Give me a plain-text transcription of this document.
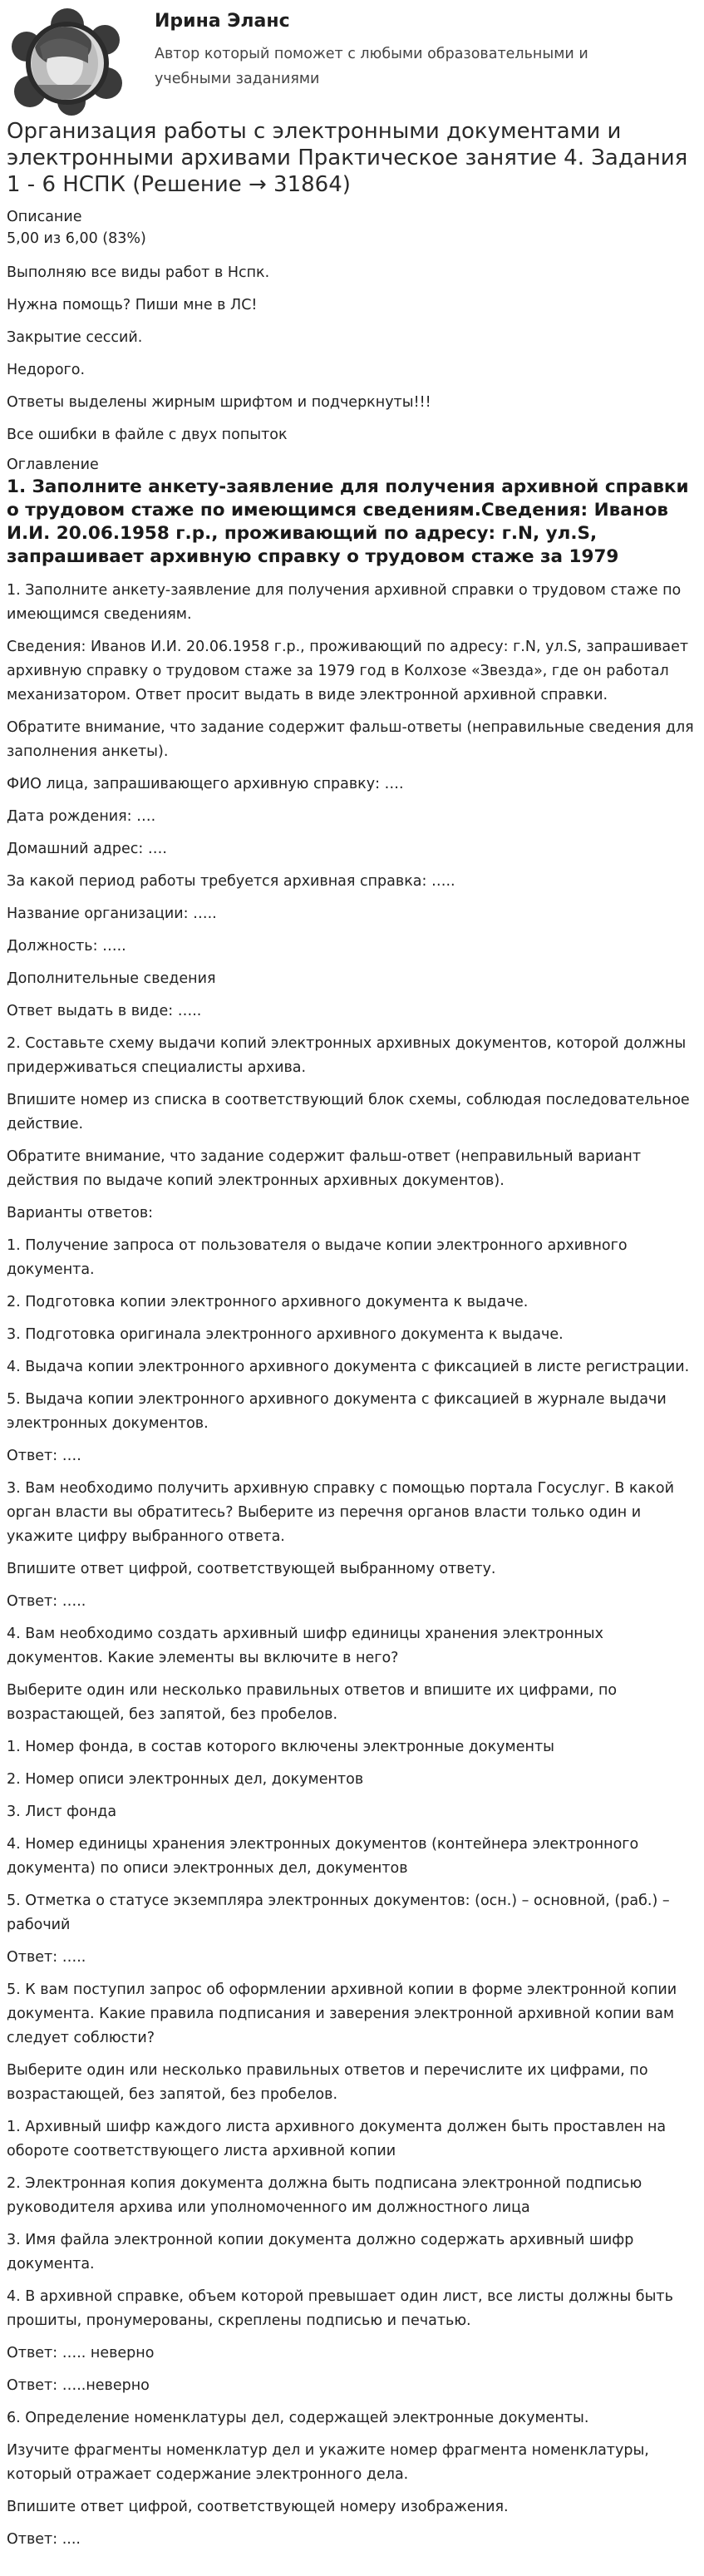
Ирина Эланс
Автор который поможет с любыми образовательными и учебными заданиями
Организация работы с электронными документами и электронными архивами Практическое занятие 4. Задания 1 - 6 НСПК (Решение → 31864)
Описание
5,00 из 6,00 (83%)

Выполняю все виды работ в Нспк.

Нужна помощь? Пиши мне в ЛС!

Закрытие сессий.

Недорого.

Ответы выделены жирным шрифтом и подчеркнуты!!!

Все ошибки в файле с двух попыток

Оглавление
1. Заполните анкету-заявление для получения архивной справки о трудовом стаже по имеющимся сведениям.Сведения: Иванов И.И. 20.06.1958 г.р., проживающий по адресу: г.N, ул.S, запрашивает архивную справку о трудовом стаже за 1979

1. Заполните анкету-заявление для получения архивной справки о трудовом стаже по имеющимся сведениям.

Сведения: Иванов И.И. 20.06.1958 г.р., проживающий по адресу: г.N, ул.S, запрашивает архивную справку о трудовом стаже за 1979 год в Колхозе «Звезда», где он работал механизатором. Ответ просит выдать в виде электронной архивной справки.

Обратите внимание, что задание содержит фальш-ответы (неправильные сведения для заполнения анкеты).

ФИО лица, запрашивающего архивную справку: ….

Дата рождения: ….

Домашний адрес: ….

За какой период работы требуется архивная справка: …..

Название организации: …..

Должность: …..

Дополнительные сведения

Ответ выдать в виде: …..

2. Составьте схему выдачи копий электронных архивных документов, которой должны придерживаться специалисты архива.

Впишите номер из списка в соответствующий блок схемы, соблюдая последовательное действие.

Обратите внимание, что задание содержит фальш-ответ (неправильный вариант действия по выдаче копий электронных архивных документов).

Варианты ответов:

1. Получение запроса от пользователя о выдаче копии электронного архивного документа.

2. Подготовка копии электронного архивного документа к выдаче.

3. Подготовка оригинала электронного архивного документа к выдаче.

4. Выдача копии электронного архивного документа с фиксацией в листе регистрации.

5. Выдача копии электронного архивного документа с фиксацией в журнале выдачи электронных документов.

Ответ: ….

3. Вам необходимо получить архивную справку с помощью портала Госуслуг. В какой орган власти вы обратитесь? Выберите из перечня органов власти только один и укажите цифру выбранного ответа.

Впишите ответ цифрой, соответствующей выбранному ответу.

Ответ: …..

4. Вам необходимо создать архивный шифр единицы хранения электронных документов. Какие элементы вы включите в него?

Выберите один или несколько правильных ответов и впишите их цифрами, по возрастающей, без запятой, без пробелов.

1. Номер фонда, в состав которого включены электронные документы

2. Номер описи электронных дел, документов

3. Лист фонда

4. Номер единицы хранения электронных документов (контейнера электронного документа) по описи электронных дел, документов

5. Отметка о статусе экземпляра электронных документов: (осн.) – основной, (раб.) – рабочий

Ответ: …..

5. К вам поступил запрос об оформлении архивной копии в форме электронной копии документа. Какие правила подписания и заверения электронной архивной копии вам следует соблюсти?

Выберите один или несколько правильных ответов и перечислите их цифрами, по возрастающей, без запятой, без пробелов.

1. Архивный шифр каждого листа архивного документа должен быть проставлен на обороте соответствующего листа архивной копии

2. Электронная копия документа должна быть подписана электронной подписью руководителя архива или уполномоченного им должностного лица

3. Имя файла электронной копии документа должно содержать архивный шифр документа.

4. В архивной справке, объем которой превышает один лист, все листы должны быть прошиты, пронумерованы, скреплены подписью и печатью.

Ответ: ….. неверно

Ответ: …..неверно

6. Определение номенклатуры дел, содержащей электронные документы.

Изучите фрагменты номенклатур дел и укажите номер фрагмента номенклатуры, который отражает содержание электронного дела.

Впишите ответ цифрой, соответствующей номеру изображения.

Ответ: ....
